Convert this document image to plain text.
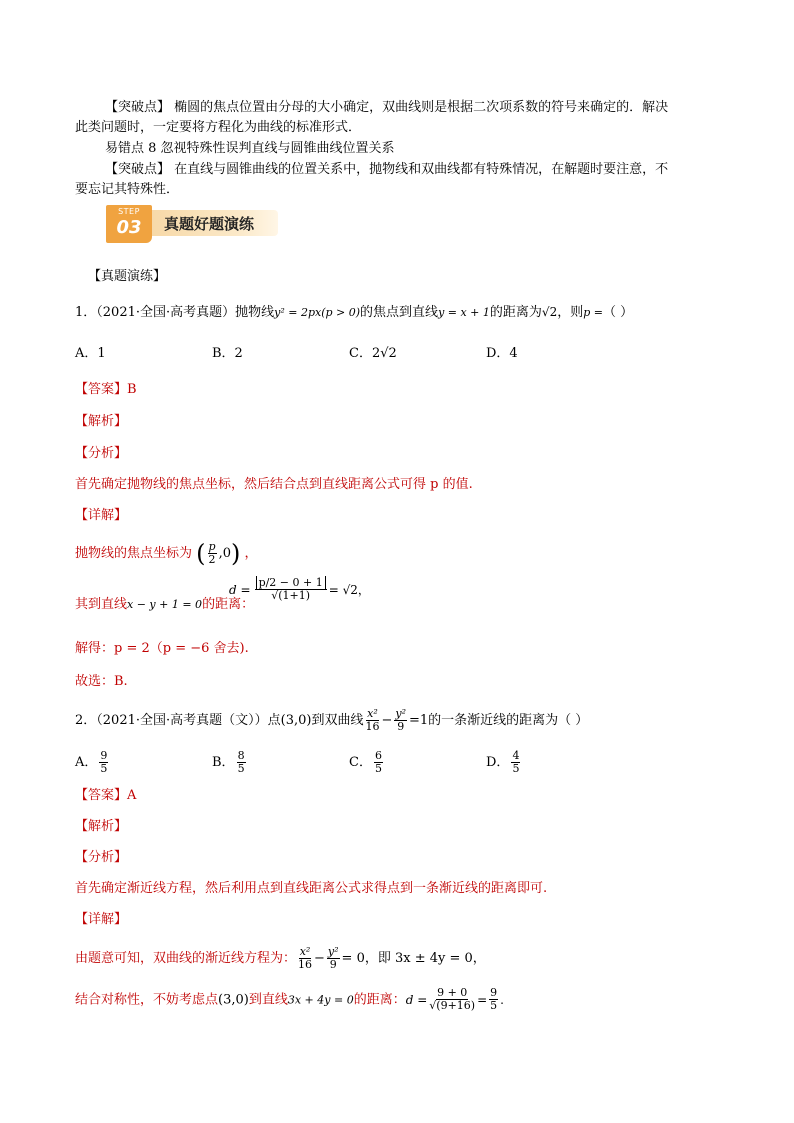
【突破点】 椭圆的焦点位置由分母的大小确定，双曲线则是根据二次项系数的符号来确定的．解决
此类问题时，一定要将方程化为曲线的标准形式．
易错点 8 忽视特殊性误判直线与圆锥曲线位置关系
【突破点】 在直线与圆锥曲线的位置关系中，抛物线和双曲线都有特殊情况，在解题时要注意，不
要忘记其特殊性．
STEP
03	真题好题演练
【真题演练】
1．（2021·全国·高考真题）抛物线y² = 2px(p > 0)的焦点到直线y = x + 1的距离为√2，则p =（ ）
A．1	B．2	C．2√2	D．4
【答案】B
【解析】
【分析】
首先确定抛物线的焦点坐标，然后结合点到直线距离公式可得 p 的值.
【详解】
抛物线的焦点坐标为 ( $\frac{p}{2} ,0$) ，
其到直线x − y + 1 = 0的距离：
$d = \frac{p/2 - 0 + 1}{√(1+1)} = √2$，
解得：p = 2（p = −6 舍去).
故选：B.
2．（2021·全国·高考真题（文））点(3,0)到双曲线 $\frac{\text{x²}}{16} - \frac{\text{y²}}{9} =1$的一条渐近线的距离为（ ）
A． $\frac{9}{5}$	B． $\frac{8}{5}$	C． $\frac{6}{5}$	D． $\frac{4}{5}$
【答案】A
【解析】
【分析】
首先确定渐近线方程，然后利用点到直线距离公式求得点到一条渐近线的距离即可.
【详解】
由题意可知，双曲线的渐近线方程为： $\frac{\text{x²}}{16} - \frac{\text{y²}}{9} = 0$，即 3x ± 4y = 0，
结合对称性，不妨考虑点(3,0)到直线3x + 4y = 0的距离： $d = \frac{9 + 0}{√(9+16)} = \frac{9}{5}$ .
